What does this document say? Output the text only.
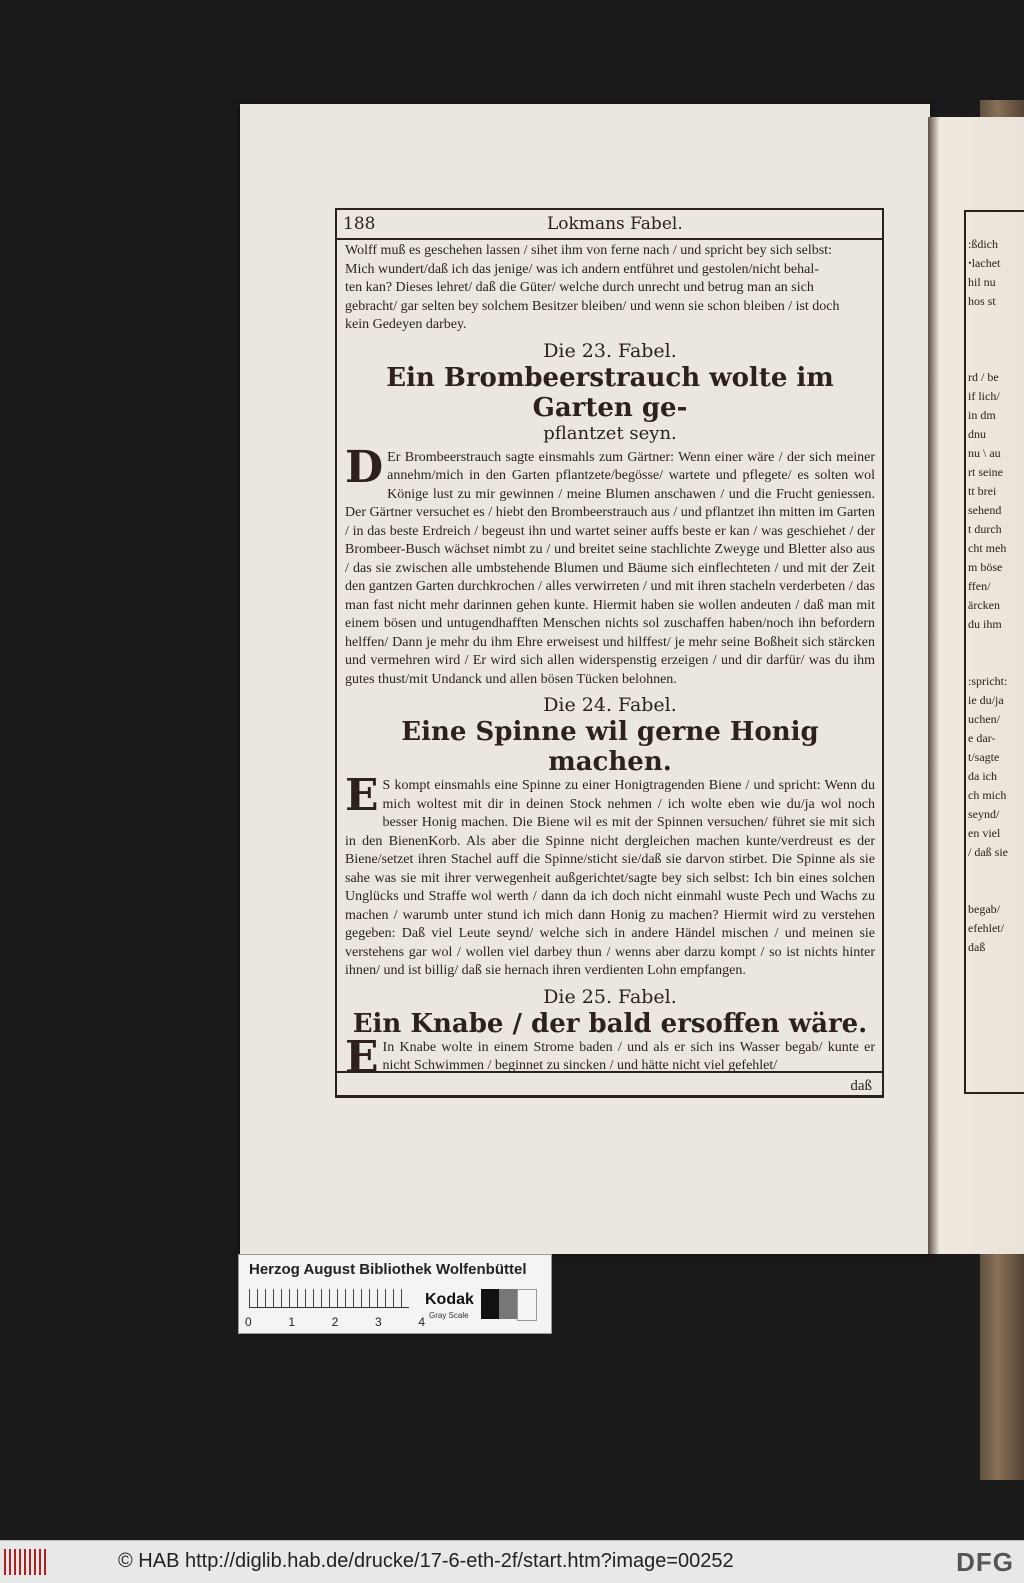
188	Lokmans Fabel.
Wolff muß es geschehen lassen / sihet ihm von ferne nach / und spricht bey sich selbst:
Mich wundert/daß ich das jenige/ was ich andern entführet und gestolen/nicht behal-
ten kan? Dieses lehret/ daß die Güter/ welche durch unrecht und betrug man an sich
gebracht/ gar selten bey solchem Besitzer bleiben/ und wenn sie schon bleiben / ist doch
kein Gedeyen darbey.
Die 23. Fabel.
Ein Brombeerstrauch wolte im Garten ge-
pflantzet seyn.

D Er Brombeerstrauch sagte einsmahls zum Gärtner: Wenn einer wäre / der sich meiner annehm/mich in den Garten pflantzete/begösse/ wartete und pflegete/ es solten wol Könige lust zu mir gewinnen / meine Blumen anschawen / und die Frucht geniessen. Der Gärtner versuchet es / hiebt den Brombeerstrauch aus / und pflantzet ihn mitten im Garten / in das beste Erdreich / begeust ihn und wartet seiner auffs beste er kan / was geschiehet / der Brombeer-Busch wächset nimbt zu / und breitet seine stachlichte Zweyge und Bletter also aus / das sie zwischen alle umbstehende Blumen und Bäume sich einflechteten / und mit der Zeit den gantzen Garten durchkrochen / alles verwirreten / und mit ihren stacheln verderbeten / das man fast nicht mehr darinnen gehen kunte. Hiermit haben sie wollen andeuten / daß man mit einem bösen und untugendhafften Menschen nichts sol zuschaffen haben/noch ihn befordern helffen/ Dann je mehr du ihm Ehre erweisest und hilffest/ je mehr seine Boßheit sich stärcken und vermehren wird / Er wird sich allen widerspenstig erzeigen / und dir darfür/ was du ihm gutes thust/mit Undanck und allen bösen Tücken belohnen.

Die 24. Fabel.
Eine Spinne wil gerne Honig machen.

E S kompt einsmahls eine Spinne zu einer Honigtragenden Biene / und spricht: Wenn du mich woltest mit dir in deinen Stock nehmen / ich wolte eben wie du/ja wol noch besser Honig machen. Die Biene wil es mit der Spinnen versuchen/ führet sie mit sich in den BienenKorb. Als aber die Spinne nicht dergleichen machen kunte/verdreust es der Biene/setzet ihren Stachel auff die Spinne/sticht sie/daß sie darvon stirbet. Die Spinne als sie sahe was sie mit ihrer verwegenheit außgerichtet/sagte bey sich selbst: Ich bin eines solchen Unglücks und Straffe wol werth / dann da ich doch nicht einmahl wuste Pech und Wachs zu machen / warumb unter stund ich mich dann Honig zu machen? Hiermit wird zu verstehen gegeben: Daß viel Leute seynd/ welche sich in andere Händel mischen / und meinen sie verstehens gar wol / wollen viel darbey thun / wenns aber darzu kompt / so ist nichts hinter ihnen/ und ist billig/ daß sie hernach ihren verdienten Lohn empfangen.

Die 25. Fabel.
Ein Knabe / der bald ersoffen wäre.

E In Knabe wolte in einem Strome baden / und als er sich ins Wasser begab/ kunte er nicht Schwimmen / beginnet zu sincken / und hätte nicht viel gefehlet/

daß
:ßdich
ꞏlachet
hil nu
hos st

rd / be
if lich/
in dm
dnu
nu \ au
rt seine
tt brei
sehend
t durch
cht meh
m böse
ffen/
ärcken
du ihm

:spricht:
ie du/ja
uchen/
e dar-
t/sagte
da ich
ch mich
seynd/
en viel
/ daß sie

begab/
efehlet/
daß
Herzog August Bibliothek Wolfenbüttel
0	1	2	3	4
Kodak
Gray Scale
© HAB http://diglib.hab.de/drucke/17-6-eth-2f/start.htm?image=00252	DFG
